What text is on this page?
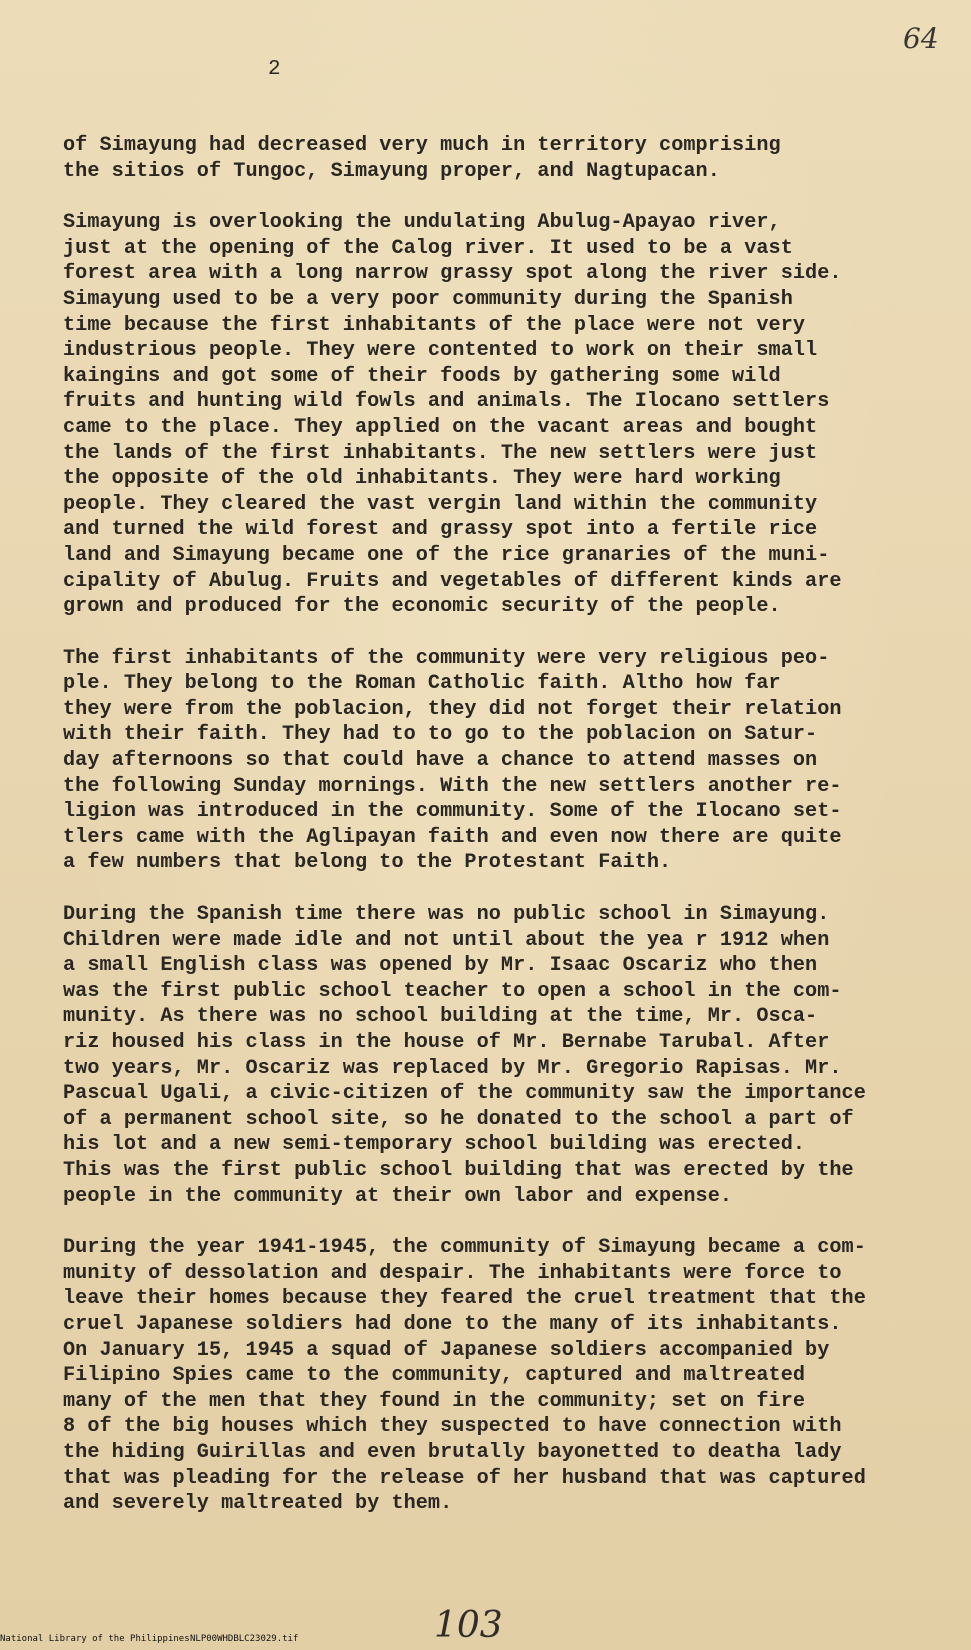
2
64
of Simayung had decreased very much in territory comprising
the sitios of Tungoc, Simayung proper, and Nagtupacan.
Simayung is overlooking the undulating Abulug-Apayao river,
just at the opening of the Calog river. It used to be a vast
forest area with a long narrow grassy spot along the river side.
Simayung used to be a very poor community during the Spanish
time because the first inhabitants of the place were not very
industrious people. They were contented to work on their small
kaingins and got some of their foods by gathering some wild
fruits and hunting wild fowls and animals. The Ilocano settlers
came to the place. They applied on the vacant areas and bought
the lands of the first inhabitants. The new settlers were just
the opposite of the old inhabitants. They were hard working
people. They cleared the vast vergin land within the community
and turned the wild forest and grassy spot into a fertile rice
land and Simayung became one of the rice granaries of the muni-
cipality of Abulug. Fruits and vegetables of different kinds are
grown and produced for the economic security of the people.
The first inhabitants of the community were very religious peo-
ple. They belong to the Roman Catholic faith. Altho how far
they were from the poblacion, they did not forget their relation
with their faith. They had to to go to the poblacion on Satur-
day afternoons so that could have a chance to attend masses on
the following Sunday mornings. With the new settlers another re-
ligion was introduced in the community. Some of the Ilocano set-
tlers came with the Aglipayan faith and even now there are quite
a few numbers that belong to the Protestant Faith.
During the Spanish time there was no public school in Simayung.
Children were made idle and not until about the yea r 1912 when
a small English class was opened by Mr. Isaac Oscariz who then
was the first public school teacher to open a school in the com-
munity. As there was no school building at the time, Mr. Osca-
riz housed his class in the house of Mr. Bernabe Tarubal. After
two years, Mr. Oscariz was replaced by Mr. Gregorio Rapisas. Mr.
Pascual Ugali, a civic-citizen of the community saw the importance
of a permanent school site, so he donated to the school a part of
his lot and a new semi-temporary school building was erected.
This was the first public school building that was erected by the
people in the community at their own labor and expense.
During the year 1941-1945, the community of Simayung became a com-
munity of dessolation and despair. The inhabitants were force to
leave their homes because they feared the cruel treatment that the
cruel Japanese soldiers had done to the many of its inhabitants.
On January 15, 1945 a squad of Japanese soldiers accompanied by
Filipino Spies came to the community, captured and maltreated
many of the men that they found in the community; set on fire
8 of the big houses which they suspected to have connection with
the hiding Guirillas and even brutally bayonetted to deatha lady
that was pleading for the release of her husband that was captured
and severely maltreated by them.
103
National Library of the Philippines NLP00WHDBLC23029.tif
